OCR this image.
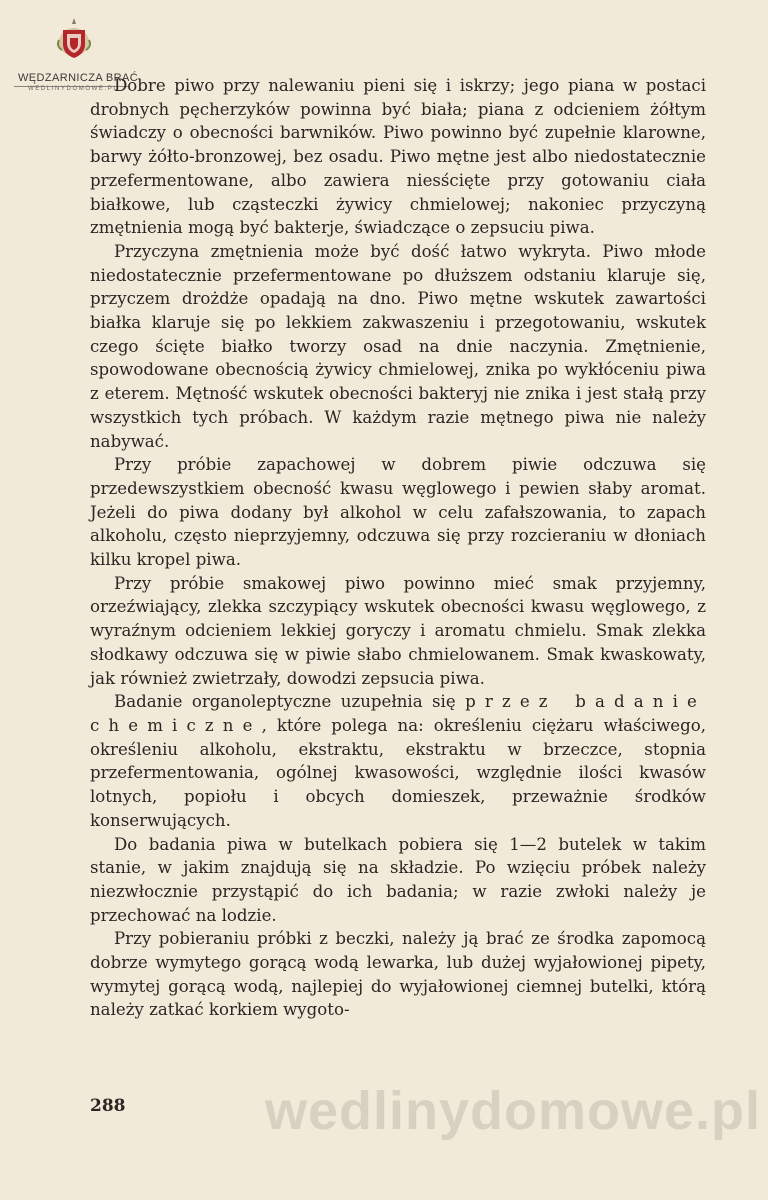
WĘDZARNICZA BRAĆ
WEDLINYDOMOWE.PL

Dobre piwo przy nalewaniu pieni się i iskrzy; jego piana w postaci drobnych pęcherzyków powinna być biała; piana z odcieniem żółtym świadczy o obecności barwników. Piwo powinno być zupełnie klarowne, barwy żółto-bronzowej, bez osadu. Piwo mętne jest albo niedostatecznie przefermentowane, albo zawiera niesścięte przy gotowaniu ciała białkowe, lub cząsteczki żywicy chmielowej; nakoniec przyczyną zmętnienia mogą być bakterje, świadczące o zepsuciu piwa.

Przyczyna zmętnienia może być dość łatwo wykryta. Piwo młode niedostatecznie przefermentowane po dłuższem odstaniu klaruje się, przyczem drożdże opadają na dno. Piwo mętne wskutek zawartości białka klaruje się po lekkiem zakwaszeniu i przegotowaniu, wskutek czego ścięte białko tworzy osad na dnie naczynia. Zmętnienie, spowodowane obecnością żywicy chmielowej, znika po wykłóceniu piwa z eterem. Mętność wskutek obecności bakteryj nie znika i jest stałą przy wszystkich tych próbach. W każdym razie mętnego piwa nie należy nabywać.

Przy próbie zapachowej w dobrem piwie odczuwa się przedewszystkiem obecność kwasu węglowego i pewien słaby aromat. Jeżeli do piwa dodany był alkohol w celu zafałszowania, to zapach alkoholu, często nieprzyjemny, odczuwa się przy rozcieraniu w dłoniach kilku kropel piwa.

Przy próbie smakowej piwo powinno mieć smak przyjemny, orzeźwiający, zlekka szczypiący wskutek obecności kwasu węglowego, z wyraźnym odcieniem lekkiej goryczy i aromatu chmielu. Smak zlekka słodkawy odczuwa się w piwie słabo chmielowanem. Smak kwaskowaty, jak również zwietrzały, dowodzi zepsucia piwa.

Badanie organoleptyczne uzupełnia się przez badanie chemiczne, które polega na: określeniu ciężaru właściwego, określeniu alkoholu, ekstraktu, ekstraktu w brzeczce, stopnia przefermentowania, ogólnej kwasowości, względnie ilości kwasów lotnych, popiołu i obcych domieszek, przeważnie środków konserwujących.

Do badania piwa w butelkach pobiera się 1—2 butelek w takim stanie, w jakim znajdują się na składzie. Po wzięciu próbek należy niezwłocznie przystąpić do ich badania; w razie zwłoki należy je przechować na lodzie.

Przy pobieraniu próbki z beczki, należy ją brać ze środka zapomocą dobrze wymytego gorącą wodą lewarka, lub dużej wyjałowionej pipety, wymytej gorącą wodą, najlepiej do wyjałowionej ciemnej butelki, którą należy zatkać korkiem wygoto-

288	wedlinydomowe.pl
